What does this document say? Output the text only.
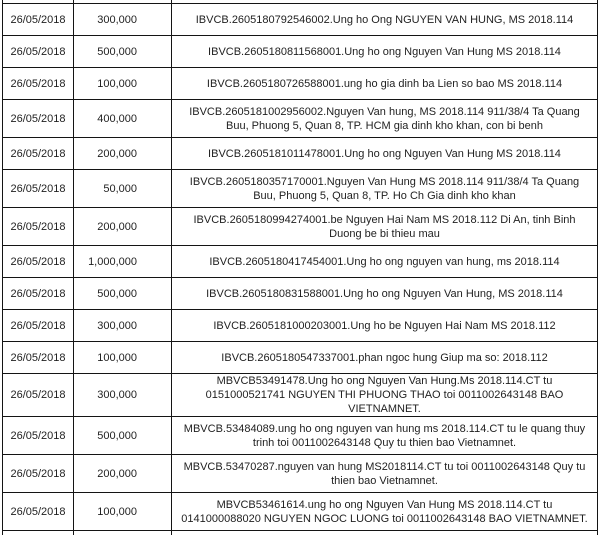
26/05/2018	300,000	IBVCB.2605180792546002.Ung ho Ong NGUYEN VAN HUNG, MS 2018.114
26/05/2018	500,000	IBVCB.2605180811568001.Ung ho ong Nguyen Van Hung MS 2018.114
26/05/2018	100,000	IBVCB.2605180726588001.ung ho gia dinh ba Lien so bao MS 2018.114
26/05/2018	400,000	IBVCB.2605181002956002.Nguyen Van hung, MS 2018.114 911/38/4 Ta Quang Buu, Phuong 5, Quan 8, TP. HCM gia dinh kho khan, con bi benh
26/05/2018	200,000	IBVCB.2605181011478001.Ung ho ong Nguyen Van Hung MS 2018.114
26/05/2018	50,000	IBVCB.2605180357170001.Nguyen Van Hung MS 2018.114 911/38/4 Ta Quang Buu, Phuong 5, Quan 8, TP. Ho Ch Gia dinh kho khan
26/05/2018	200,000	IBVCB.2605180994274001.be Nguyen Hai Nam MS 2018.112 Di An, tinh Binh Duong be bi thieu mau
26/05/2018	1,000,000	IBVCB.2605180417454001.Ung ho ong nguyen van hung, ms 2018.114
26/05/2018	500,000	IBVCB.2605180831588001.Ung ho ong Nguyen Van Hung, MS 2018.114
26/05/2018	300,000	IBVCB.2605181000203001.Ung ho be Nguyen Hai Nam MS 2018.112
26/05/2018	100,000	IBVCB.2605180547337001.phan ngoc hung Giup ma so: 2018.112
26/05/2018	300,000	MBVCB53491478.Ung ho ong Nguyen Van Hung.Ms 2018.114.CT tu 0151000521741 NGUYEN THI PHUONG THAO toi 0011002643148 BAO VIETNAMNET.
26/05/2018	500,000	MBVCB.53484089.ung ho ong nguyen van hung ms 2018.114.CT tu le quang thuy trinh toi 0011002643148 Quy tu thien bao Vietnamnet.
26/05/2018	200,000	MBVCB.53470287.nguyen van hung MS2018114.CT tu toi 0011002643148 Quy tu thien bao Vietnamnet.
26/05/2018	100,000	MBVCB53461614.ung ho ong Nguyen Van Hung MS 2018.114.CT tu 0141000088020 NGUYEN NGOC LUONG toi 0011002643148 BAO VIETNAMNET.
